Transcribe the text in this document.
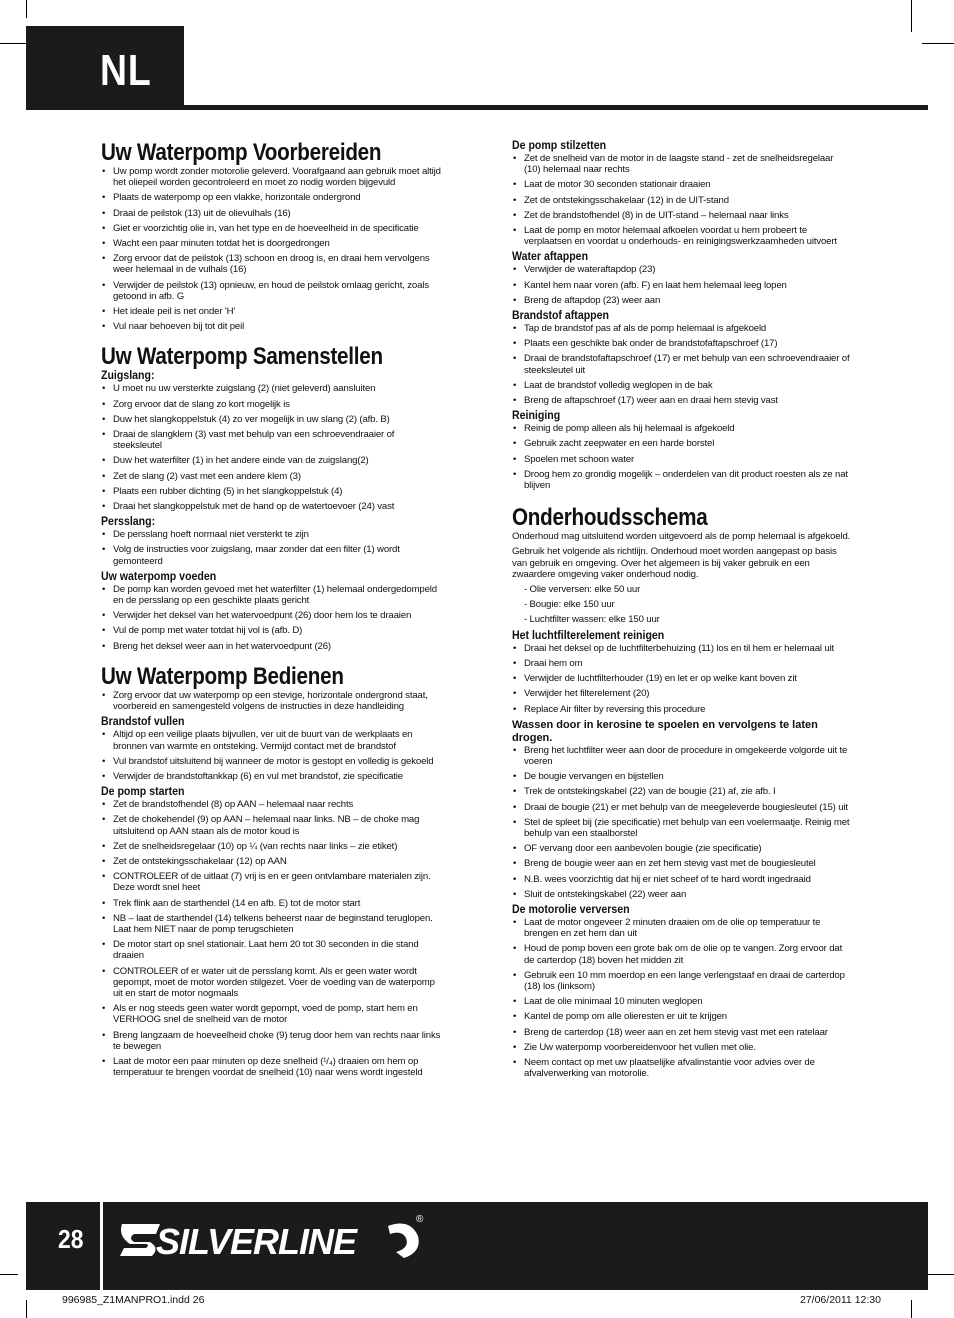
NL
Uw Waterpomp Voorbereiden
• Uw pomp wordt zonder motorolie geleverd. Voorafgaand aan gebruik moet altijd het oliepeil worden gecontroleerd en moet zo nodig worden bijgevuld
• Plaats de waterpomp op een vlakke, horizontale ondergrond
• Draai de peilstok (13) uit de olievulhals (16)
• Giet er voorzichtig olie in, van het type en de hoeveelheid in de specificatie
• Wacht een paar minuten totdat het is doorgedrongen
• Zorg ervoor dat de peilstok (13) schoon en droog is, en draai hem vervolgens weer helemaal in de vulhals (16)
• Verwijder de peilstok (13) opnieuw, en houd de peilstok omlaag gericht, zoals getoond in afb. G
• Het ideale peil is net onder 'H'
• Vul naar behoeven bij tot dit peil
Uw Waterpomp Samenstellen
Zuigslang:
• U moet nu uw versterkte zuigslang (2) (niet geleverd) aansluiten
• Zorg ervoor dat de slang zo kort mogelijk is
• Duw het slangkoppelstuk (4) zo ver mogelijk in uw slang (2) (afb. B)
• Draai de slangklem (3) vast met behulp van een schroevendraaier of steeksleutel
• Duw het waterfilter (1) in het andere einde van de zuigslang(2)
• Zet de slang (2) vast met een andere klem (3)
• Plaats een rubber dichting (5) in het slangkoppelstuk (4)
• Draai het slangkoppelstuk met de hand op de watertoevoer (24) vast
Persslang:
• De persslang hoeft normaal niet versterkt te zijn
• Volg de instructies voor zuigslang, maar zonder dat een filter (1) wordt gemonteerd
Uw waterpomp voeden
• De pomp kan worden gevoed met het waterfilter (1) helemaal ondergedompeld en de persslang op een geschikte plaats gericht
• Verwijder het deksel van het watervoedpunt (26) door hem los te draaien
• Vul de pomp met water totdat hij vol is (afb. D)
• Breng het deksel weer aan in het watervoedpunt (26)
Uw Waterpomp Bedienen
• Zorg ervoor dat uw waterpomp op een stevige, horizontale ondergrond staat, voorbereid en samengesteld volgens de instructies in deze handleiding
Brandstof vullen
• Altijd op een veilige plaats bijvullen, ver uit de buurt van de werkplaats en bronnen van warmte en ontsteking. Vermijd contact met de brandstof
• Vul brandstof uitsluitend bij wanneer de motor is gestopt en volledig is gekoeld
• Verwijder de brandstoftankkap (6) en vul met brandstof, zie specificatie
De pomp starten
• Zet de brandstofhendel (8) op AAN – helemaal naar rechts
• Zet de chokehendel (9) op AAN – helemaal naar links. NB – de choke mag uitsluitend op AAN staan als de motor koud is
• Zet de snelheidsregelaar (10) op ¼ (van rechts naar links – zie etiket)
• Zet de ontstekingsschakelaar (12) op AAN
• CONTROLEER of de uitlaat (7) vrij is en er geen ontvlambare materialen zijn. Deze wordt snel heet
• Trek flink aan de starthendel (14 en afb. E) tot de motor start
• NB – laat de starthendel (14) telkens beheerst naar de beginstand teruglopen. Laat hem NIET naar de pomp terugschieten
• De motor start op snel stationair. Laat hem 20 tot 30 seconden in die stand draaien
• CONTROLEER of er water uit de persslang komt. Als er geen water wordt gepompt, moet de motor worden stilgezet. Voer de voeding van de waterpomp uit en start de motor nogmaals
• Als er nog steeds geen water wordt gepompt, voed de pomp, start hem en VERHOOG snel de snelheid van de motor
• Breng langzaam de hoeveelheid choke (9) terug door hem van rechts naar links te bewegen
• Laat de motor een paar minuten op deze snelheid (¹/₄) draaien om hem op temperatuur te brengen voordat de snelheid (10) naar wens wordt ingesteld
De pomp stilzetten
• Zet de snelheid van de motor in de laagste stand - zet de snelheidsregelaar (10) helemaal naar rechts
• Laat de motor 30 seconden stationair draaien
• Zet de ontstekingsschakelaar (12) in de UIT-stand
• Zet de brandstofhendel (8) in de UIT-stand – helemaal naar links
• Laat de pomp en motor helemaal afkoelen voordat u hem probeert te verplaatsen en voordat u onderhouds- en reinigingswerkzaamheden uitvoert
Water aftappen
• Verwijder de wateraftapdop (23)
• Kantel hem naar voren (afb. F) en laat hem helemaal leeg lopen
• Breng de aftapdop (23) weer aan
Brandstof aftappen
• Tap de brandstof pas af als de pomp helemaal is afgekoeld
• Plaats een geschikte bak onder de brandstofaftapschroef (17)
• Draai de brandstofaftapschroef (17) er met behulp van een schroevendraaier of steeksleutel uit
• Laat de brandstof volledig weglopen in de bak
• Breng de aftapschroef (17) weer aan en draai hem stevig vast
Reiniging
• Reinig de pomp alleen als hij helemaal is afgekoeld
• Gebruik zacht zeepwater en een harde borstel
• Spoelen met schoon water
• Droog hem zo grondig mogelijk – onderdelen van dit product roesten als ze nat blijven
Onderhoudsschema

Onderhoud mag uitsluitend worden uitgevoerd als de pomp helemaal is afgekoeld.

Gebruik het volgende als richtlijn. Onderhoud moet worden aangepast op basis van gebruik en omgeving. Over het algemeen is bij vaker gebruik en een zwaardere omgeving vaker onderhoud nodig.

- Olie verversen: elke 50 uur

- Bougie: elke 150 uur

- Luchtfilter wassen: elke 150 uur

Het luchtfilterelement reinigen
• Draai het deksel op de luchtfilterbehuizing (11) los en til hem er helemaal uit
• Draai hem om
• Verwijder de luchtfilterhouder (19) en let er op welke kant boven zit
• Verwijder het filterelement (20)
• Replace Air filter by reversing this procedure
Wassen door in kerosine te spoelen en vervolgens te laten drogen.
• Breng het luchtfilter weer aan door de procedure in omgekeerde volgorde uit te voeren
• De bougie vervangen en bijstellen
• Trek de ontstekingskabel (22) van de bougie (21) af, zie afb. I
• Draai de bougie (21) er met behulp van de meegeleverde bougiesleutel (15) uit
• Stel de spleet bij (zie specificatie) met behulp van een voelermaatje. Reinig met behulp van een staalborstel
• OF vervang door een aanbevolen bougie (zie specificatie)
• Breng de bougie weer aan en zet hem stevig vast met de bougiesleutel
• N.B. wees voorzichtig dat hij er niet scheef of te hard wordt ingedraaid
• Sluit de ontstekingskabel (22) weer aan
De motorolie verversen
• Laat de motor ongeveer 2 minuten draaien om de olie op temperatuur te brengen en zet hem dan uit
• Houd de pomp boven een grote bak om de olie op te vangen. Zorg ervoor dat de carterdop (18) boven het midden zit
• Gebruik een 10 mm moerdop en een lange verlengstaaf en draai de carterdop (18) los (linksom)
• Laat de olie minimaal 10 minuten weglopen
• Kantel de pomp om alle olieresten er uit te krijgen
• Breng de carterdop (18) weer aan en zet hem stevig vast met een ratelaar
• Zie Uw waterpomp voorbereidenvoor het vullen met olie.
• Neem contact op met uw plaatselijke afvalinstantie voor advies over de afvalverwerking van motorolie.
28 SILVERLINE
®
996985_Z1MANPRO1.indd 26	27/06/2011 12:30
